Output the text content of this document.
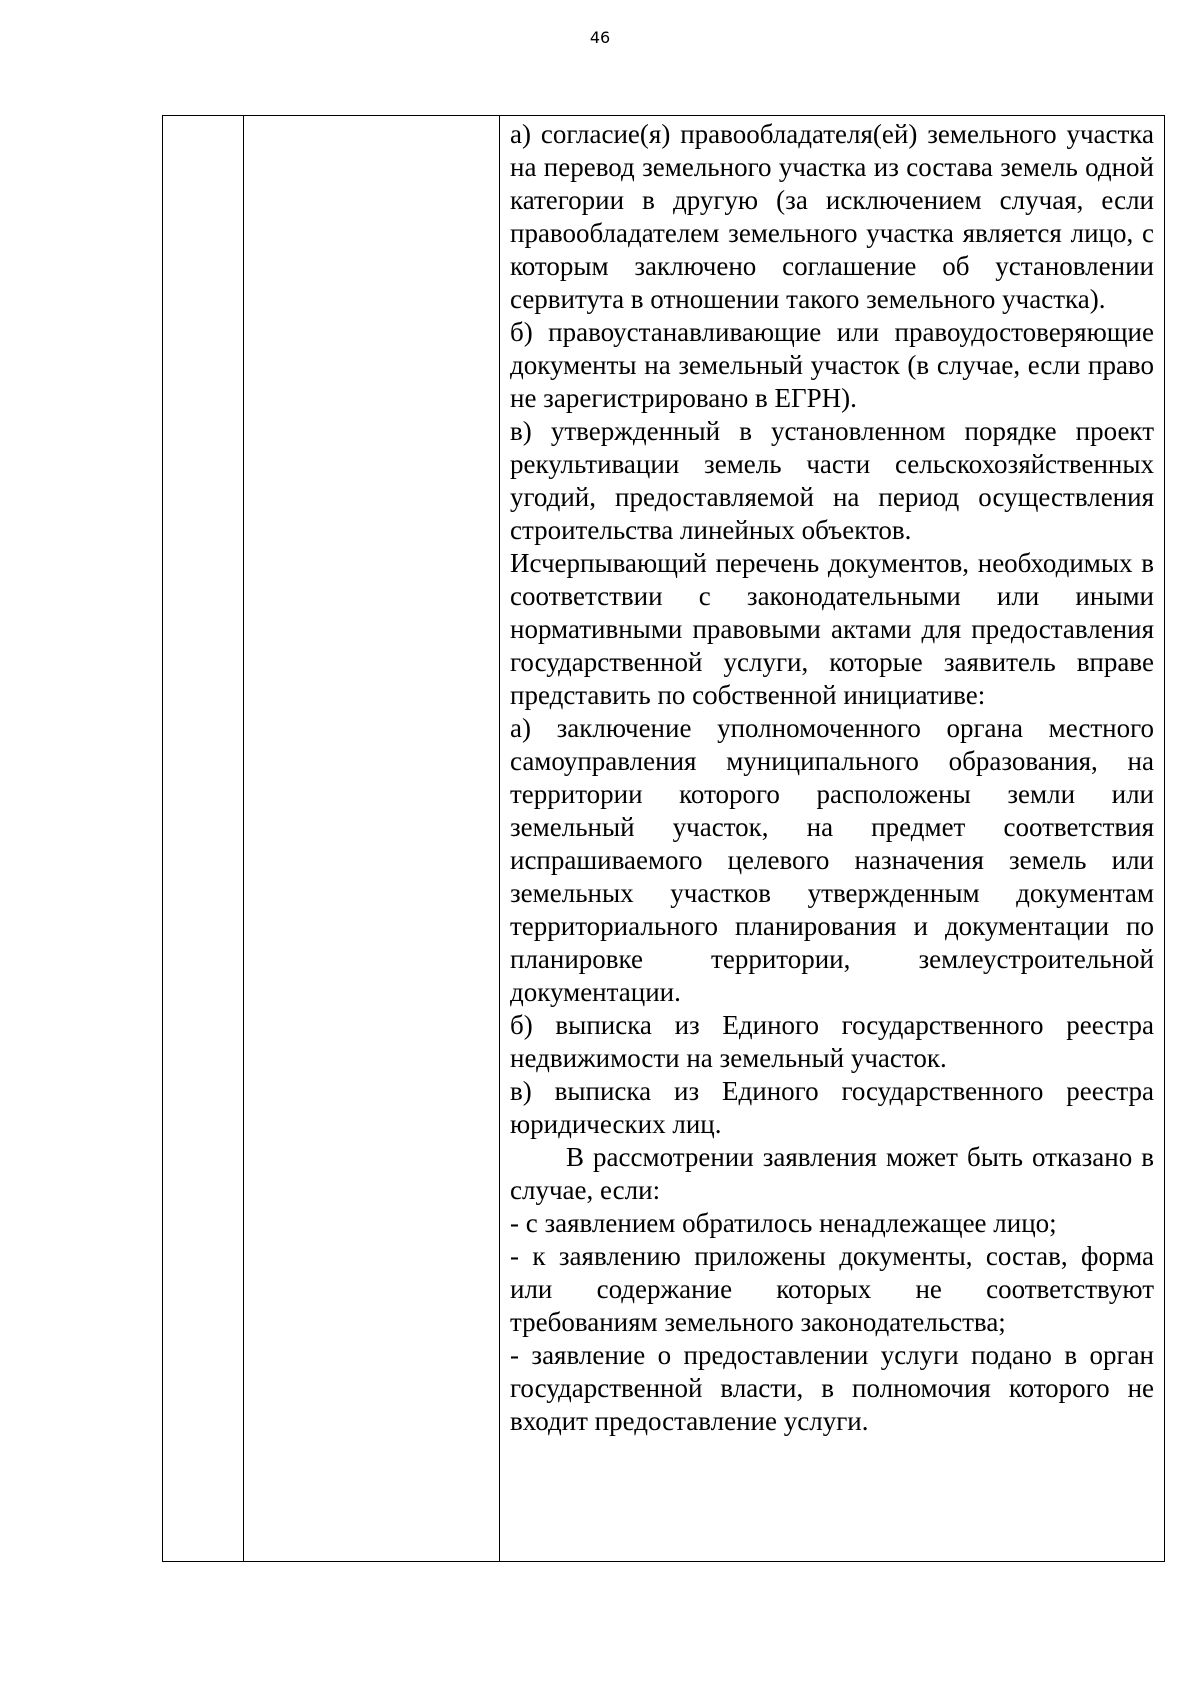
46

а) согласие(я) правообладателя(ей) земельного участка на перевод земельного участка из состава земель одной категории в другую (за исключением случая, если правообладателем земельного участка является лицо, с которым заключено соглашение об установлении сервитута в отношении такого земельного участка).

б) правоустанавливающие или правоудостоверяющие документы на земельный участок (в случае, если право не зарегистрировано в ЕГРН).

в) утвержденный в установленном порядке проект рекультивации земель части сельскохозяйственных угодий, предоставляемой на период осуществления строительства линейных объектов.

Исчерпывающий перечень документов, необходимых в соответствии с законодательными или иными нормативными правовыми актами для предоставления государственной услуги, которые заявитель вправе представить по собственной инициативе:

а) заключение уполномоченного органа местного самоуправления муниципального образования, на территории которого расположены земли или земельный участок, на предмет соответствия испрашиваемого целевого назначения земель или земельных участков утвержденным документам территориального планирования и документации по планировке территории, землеустроительной документации.

б) выписка из Единого государственного реестра недвижимости на земельный участок.

в) выписка из Единого государственного реестра юридических лиц.

В рассмотрении заявления может быть отказано в случае, если:

- с заявлением обратилось ненадлежащее лицо;

- к заявлению приложены документы, состав, форма или содержание которых не соответствуют требованиям земельного законодательства;

- заявление о предоставлении услуги подано в орган государственной власти, в полномочия которого не входит предоставление услуги.
